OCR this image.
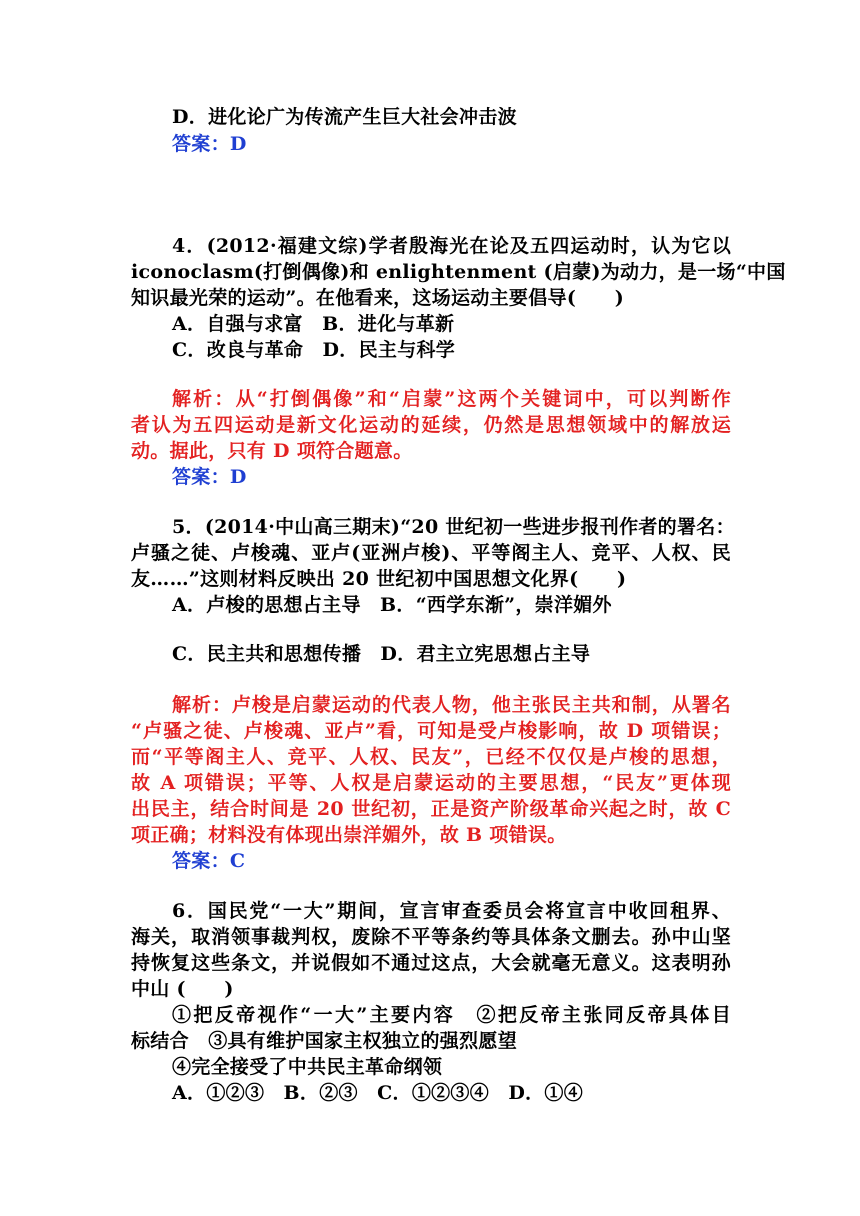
D．进化论广为传流产生巨大社会冲击波
答案：D
4．(2012·福建文综)学者殷海光在论及五四运动时，认为它以
iconoclasm(打倒偶像)和 enlightenment (启蒙)为动力，是一场“中国
知识最光荣的运动”。在他看来，这场运动主要倡导(　　)
A．自强与求富　B．进化与革新
C．改良与革命　D．民主与科学
解析：从“打倒偶像”和“启蒙”这两个关键词中，可以判断作
者认为五四运动是新文化运动的延续，仍然是思想领域中的解放运
动。据此，只有 D 项符合题意。
答案：D
5．(2014·中山高三期末)“20 世纪初一些进步报刊作者的署名：
卢骚之徒、卢梭魂、亚卢(亚洲卢梭)、平等阁主人、竞平、人权、民
友……”这则材料反映出 20 世纪初中国思想文化界(　　)
A．卢梭的思想占主导　B．“西学东渐”，崇洋媚外
C．民主共和思想传播　D．君主立宪思想占主导
解析：卢梭是启蒙运动的代表人物，他主张民主共和制，从署名
“卢骚之徒、卢梭魂、亚卢”看，可知是受卢梭影响，故 D 项错误；
而“平等阁主人、竞平、人权、民友”，已经不仅仅是卢梭的思想，
故 A 项错误；平等、人权是启蒙运动的主要思想，“民友”更体现
出民主，结合时间是 20 世纪初，正是资产阶级革命兴起之时，故 C
项正确；材料没有体现出崇洋媚外，故 B 项错误。
答案：C
6．国民党“一大”期间，宣言审查委员会将宣言中收回租界、
海关，取消领事裁判权，废除不平等条约等具体条文删去。孙中山坚
持恢复这些条文，并说假如不通过这点，大会就毫无意义。这表明孙
中山 (　　)
①把反帝视作“一大”主要内容　②把反帝主张同反帝具体目
标结合　③具有维护国家主权独立的强烈愿望
④完全接受了中共民主革命纲领
A．①②③　B．②③　C．①②③④　D．①④
